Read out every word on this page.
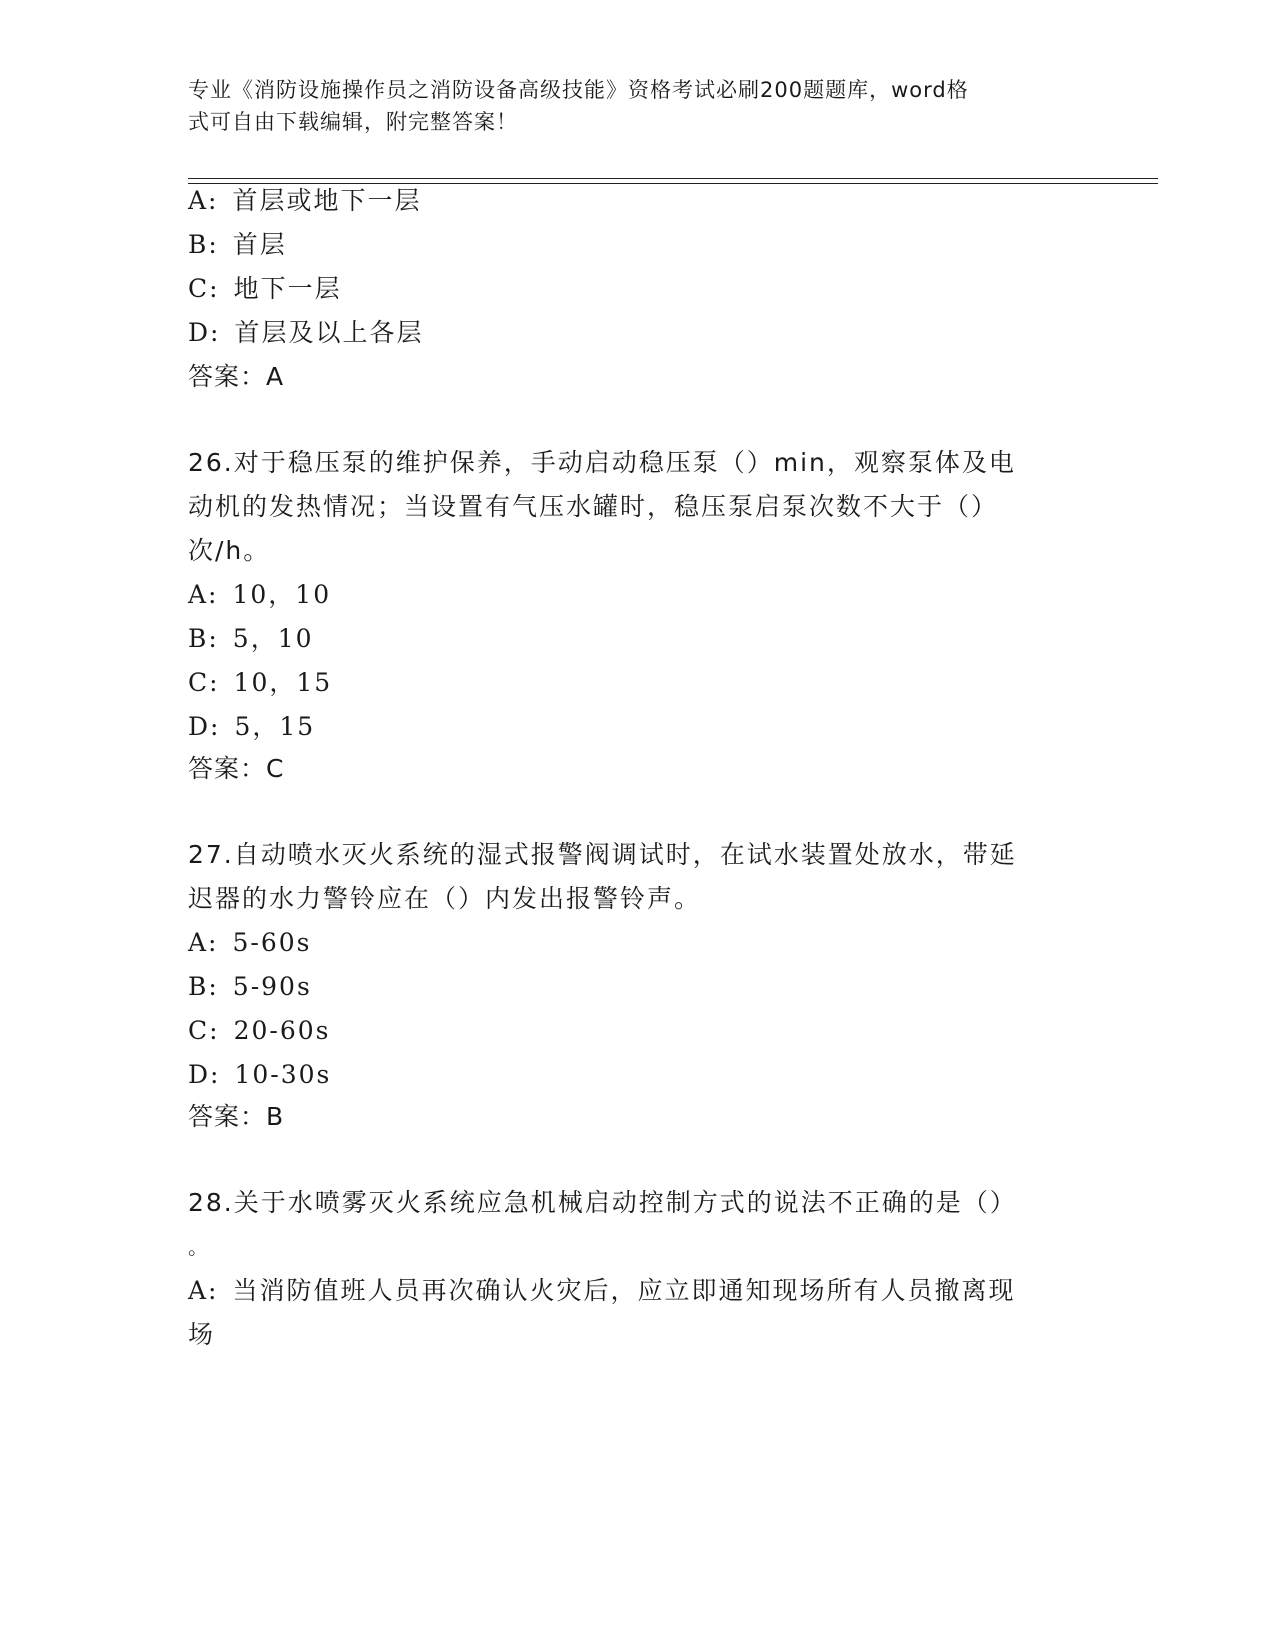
专业《消防设施操作员之消防设备高级技能》资格考试必刷200题题库，word格
式可自由下载编辑，附完整答案！
A: 首层或地下一层
B: 首层
C: 地下一层
D: 首层及以上各层
答案：A
26.对于稳压泵的维护保养，手动启动稳压泵（）min，观察泵体及电
动机的发热情况；当设置有气压水罐时，稳压泵启泵次数不大于（）
次/h。
A: 10，10
B: 5，10
C: 10，15
D: 5，15
答案：C
27.自动喷水灭火系统的湿式报警阀调试时，在试水装置处放水，带延
迟器的水力警铃应在（）内发出报警铃声。
A: 5-60s
B: 5-90s
C: 20-60s
D: 10-30s
答案：B
28.关于水喷雾灭火系统应急机械启动控制方式的说法不正确的是（）
。
A: 当消防值班人员再次确认火灾后，应立即通知现场所有人员撤离现
场
